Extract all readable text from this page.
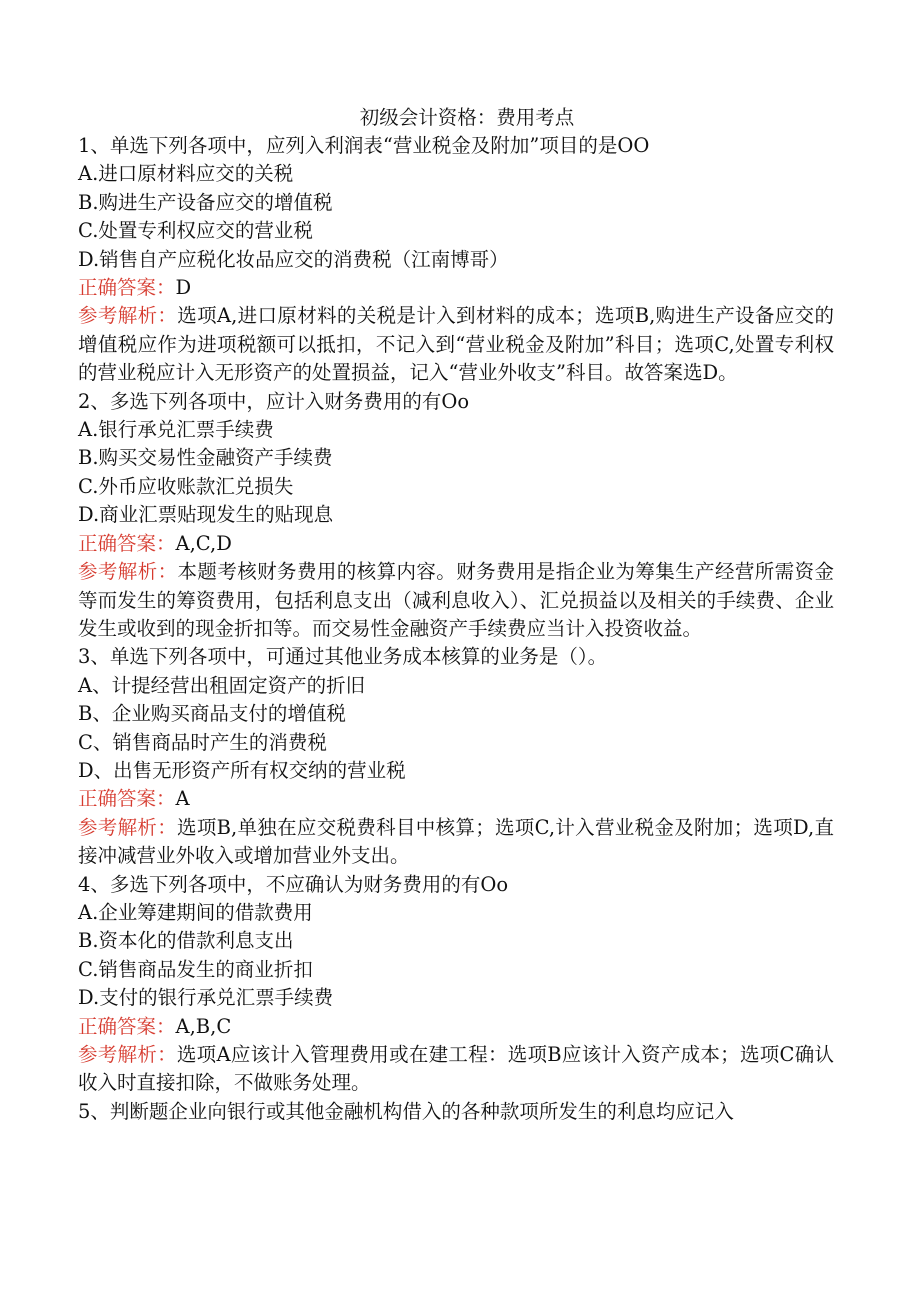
初级会计资格：费用考点

1、单选下列各项中，应列入利润表“营业税金及附加”项目的是OO

A.进口原材料应交的关税

B.购进生产设备应交的增值税

C.处置专利权应交的营业税

D.销售自产应税化妆品应交的消费税（江南博哥）

正确答案：D

参考解析：选项A,进口原材料的关税是计入到材料的成本；选项B,购进生产设备应交的增值税应作为进项税额可以抵扣，不记入到“营业税金及附加”科目；选项C,处置专利权的营业税应计入无形资产的处置损益，记入“营业外收支”科目。故答案选D。

2、多选下列各项中，应计入财务费用的有Oo

A.银行承兑汇票手续费

B.购买交易性金融资产手续费

C.外币应收账款汇兑损失

D.商业汇票贴现发生的贴现息

正确答案：A,C,D

参考解析：本题考核财务费用的核算内容。财务费用是指企业为筹集生产经营所需资金等而发生的筹资费用，包括利息支出（减利息收入）、汇兑损益以及相关的手续费、企业发生或收到的现金折扣等。而交易性金融资产手续费应当计入投资收益。

3、单选下列各项中，可通过其他业务成本核算的业务是（）。

A、计提经营出租固定资产的折旧

B、企业购买商品支付的增值税

C、销售商品时产生的消费税

D、出售无形资产所有权交纳的营业税

正确答案：A

参考解析：选项B,单独在应交税费科目中核算；选项C,计入营业税金及附加；选项D,直接冲减营业外收入或增加营业外支出。

4、多选下列各项中，不应确认为财务费用的有Oo

A.企业筹建期间的借款费用

B.资本化的借款利息支出

C.销售商品发生的商业折扣

D.支付的银行承兑汇票手续费

正确答案：A,B,C

参考解析：选项A应该计入管理费用或在建工程：选项B应该计入资产成本；选项C确认收入时直接扣除，不做账务处理。

5、判断题企业向银行或其他金融机构借入的各种款项所发生的利息均应记入
